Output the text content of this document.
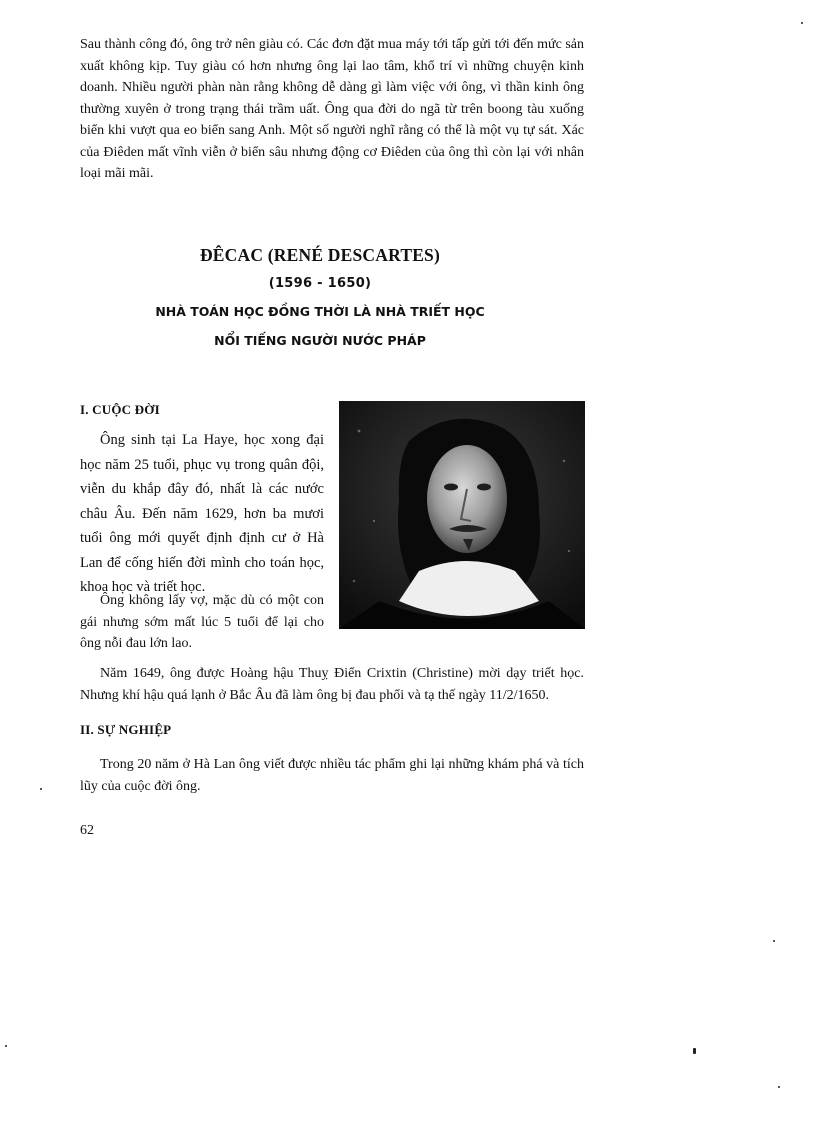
Sau thành công đó, ông trở nên giàu có. Các đơn đặt mua máy tới tấp gửi tới đến mức sản xuất không kịp. Tuy giàu có hơn nhưng ông lại lao tâm, khổ trí vì những chuyện kinh doanh. Nhiều người phàn nàn rằng không dễ dàng gì làm việc với ông, vì thần kinh ông thường xuyên ở trong trạng thái trầm uất. Ông qua đời do ngã từ trên boong tàu xuống biển khi vượt qua eo biển sang Anh. Một số người nghĩ rằng có thể là một vụ tự sát. Xác của Điêden mất vĩnh viễn ở biển sâu nhưng động cơ Điêden của ông thì còn lại với nhân loại mãi mãi.

ĐÊCAC (RENÉ DESCARTES)

(1596 - 1650)

NHÀ TOÁN HỌC ĐỒNG THỜI LÀ NHÀ TRIẾT HỌC

NỔI TIẾNG NGƯỜI NƯỚC PHÁP

I. CUỘC ĐỜI

Ông sinh tại La Haye, học xong đại học năm 25 tuổi, phục vụ trong quân đội, viễn du khắp đây đó, nhất là các nước châu Âu. Đến năm 1629, hơn ba mươi tuổi ông mới quyết định định cư ở Hà Lan để cống hiến đời mình cho toán học, khoa học và triết học.

Ông không lấy vợ, mặc dù có một con gái nhưng sớm mất lúc 5 tuổi để lại cho ông nỗi đau lớn lao.

Năm 1649, ông được Hoàng hậu Thuỵ Điển Crixtin (Christine) mời dạy triết học. Nhưng khí hậu quá lạnh ở Bắc Âu đã làm ông bị đau phổi và tạ thế ngày 11/2/1650.

II. SỰ NGHIỆP

Trong 20 năm ở Hà Lan ông viết được nhiều tác phẩm ghi lại những khám phá và tích lũy của cuộc đời ông.

62
